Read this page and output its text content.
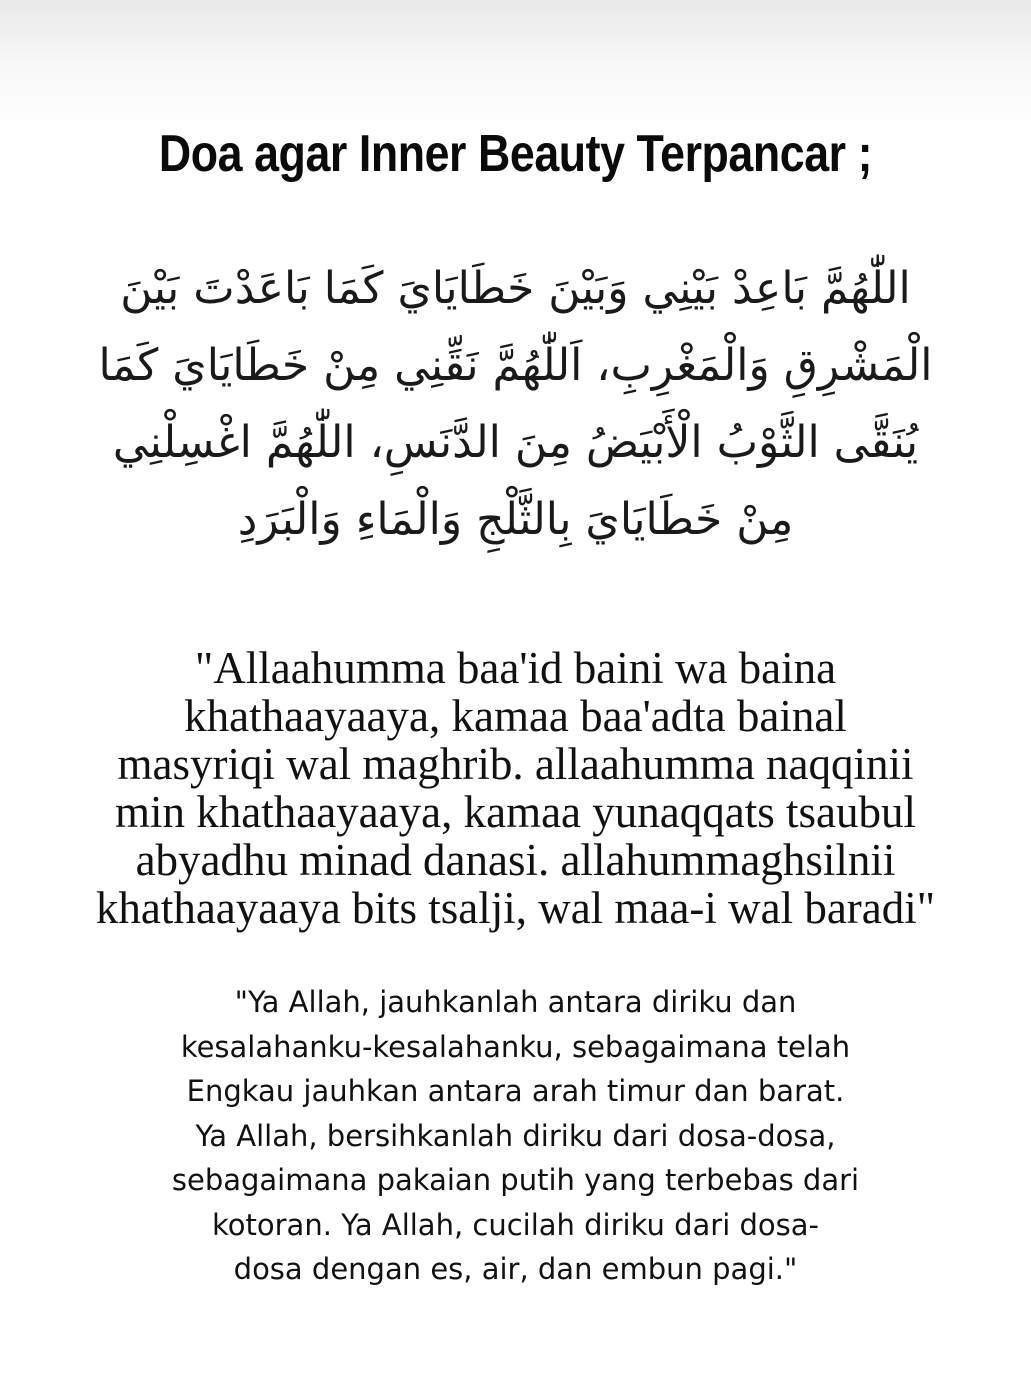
Doa agar Inner Beauty Terpancar ;
اللّٰهُمَّ بَاعِدْ بَيْنِي وَبَيْنَ خَطَايَايَ كَمَا بَاعَدْتَ بَيْنَ
الْمَشْرِقِ وَالْمَغْرِبِ، اَللّٰهُمَّ نَقِّنِي مِنْ خَطَايَايَ كَمَا
يُنَقَّى الثَّوْبُ الْأَبْيَضُ مِنَ الدَّنَسِ، اللّٰهُمَّ اغْسِلْنِي
مِنْ خَطَايَايَ بِالثَّلْجِ وَالْمَاءِ وَالْبَرَدِ
"Allaahumma baa'id baini wa baina
khathaayaaya, kamaa baa'adta bainal
masyriqi wal maghrib. allaahumma naqqinii
min khathaayaaya, kamaa yunaqqats tsaubul
abyadhu minad danasi. allahummaghsilnii
khathaayaaya bits tsalji, wal maa-i wal baradi"
"Ya Allah, jauhkanlah antara diriku dan
kesalahanku-kesalahanku, sebagaimana telah
Engkau jauhkan antara arah timur dan barat.
Ya Allah, bersihkanlah diriku dari dosa-dosa,
sebagaimana pakaian putih yang terbebas dari
kotoran. Ya Allah, cucilah diriku dari dosa-
dosa dengan es, air, dan embun pagi."
